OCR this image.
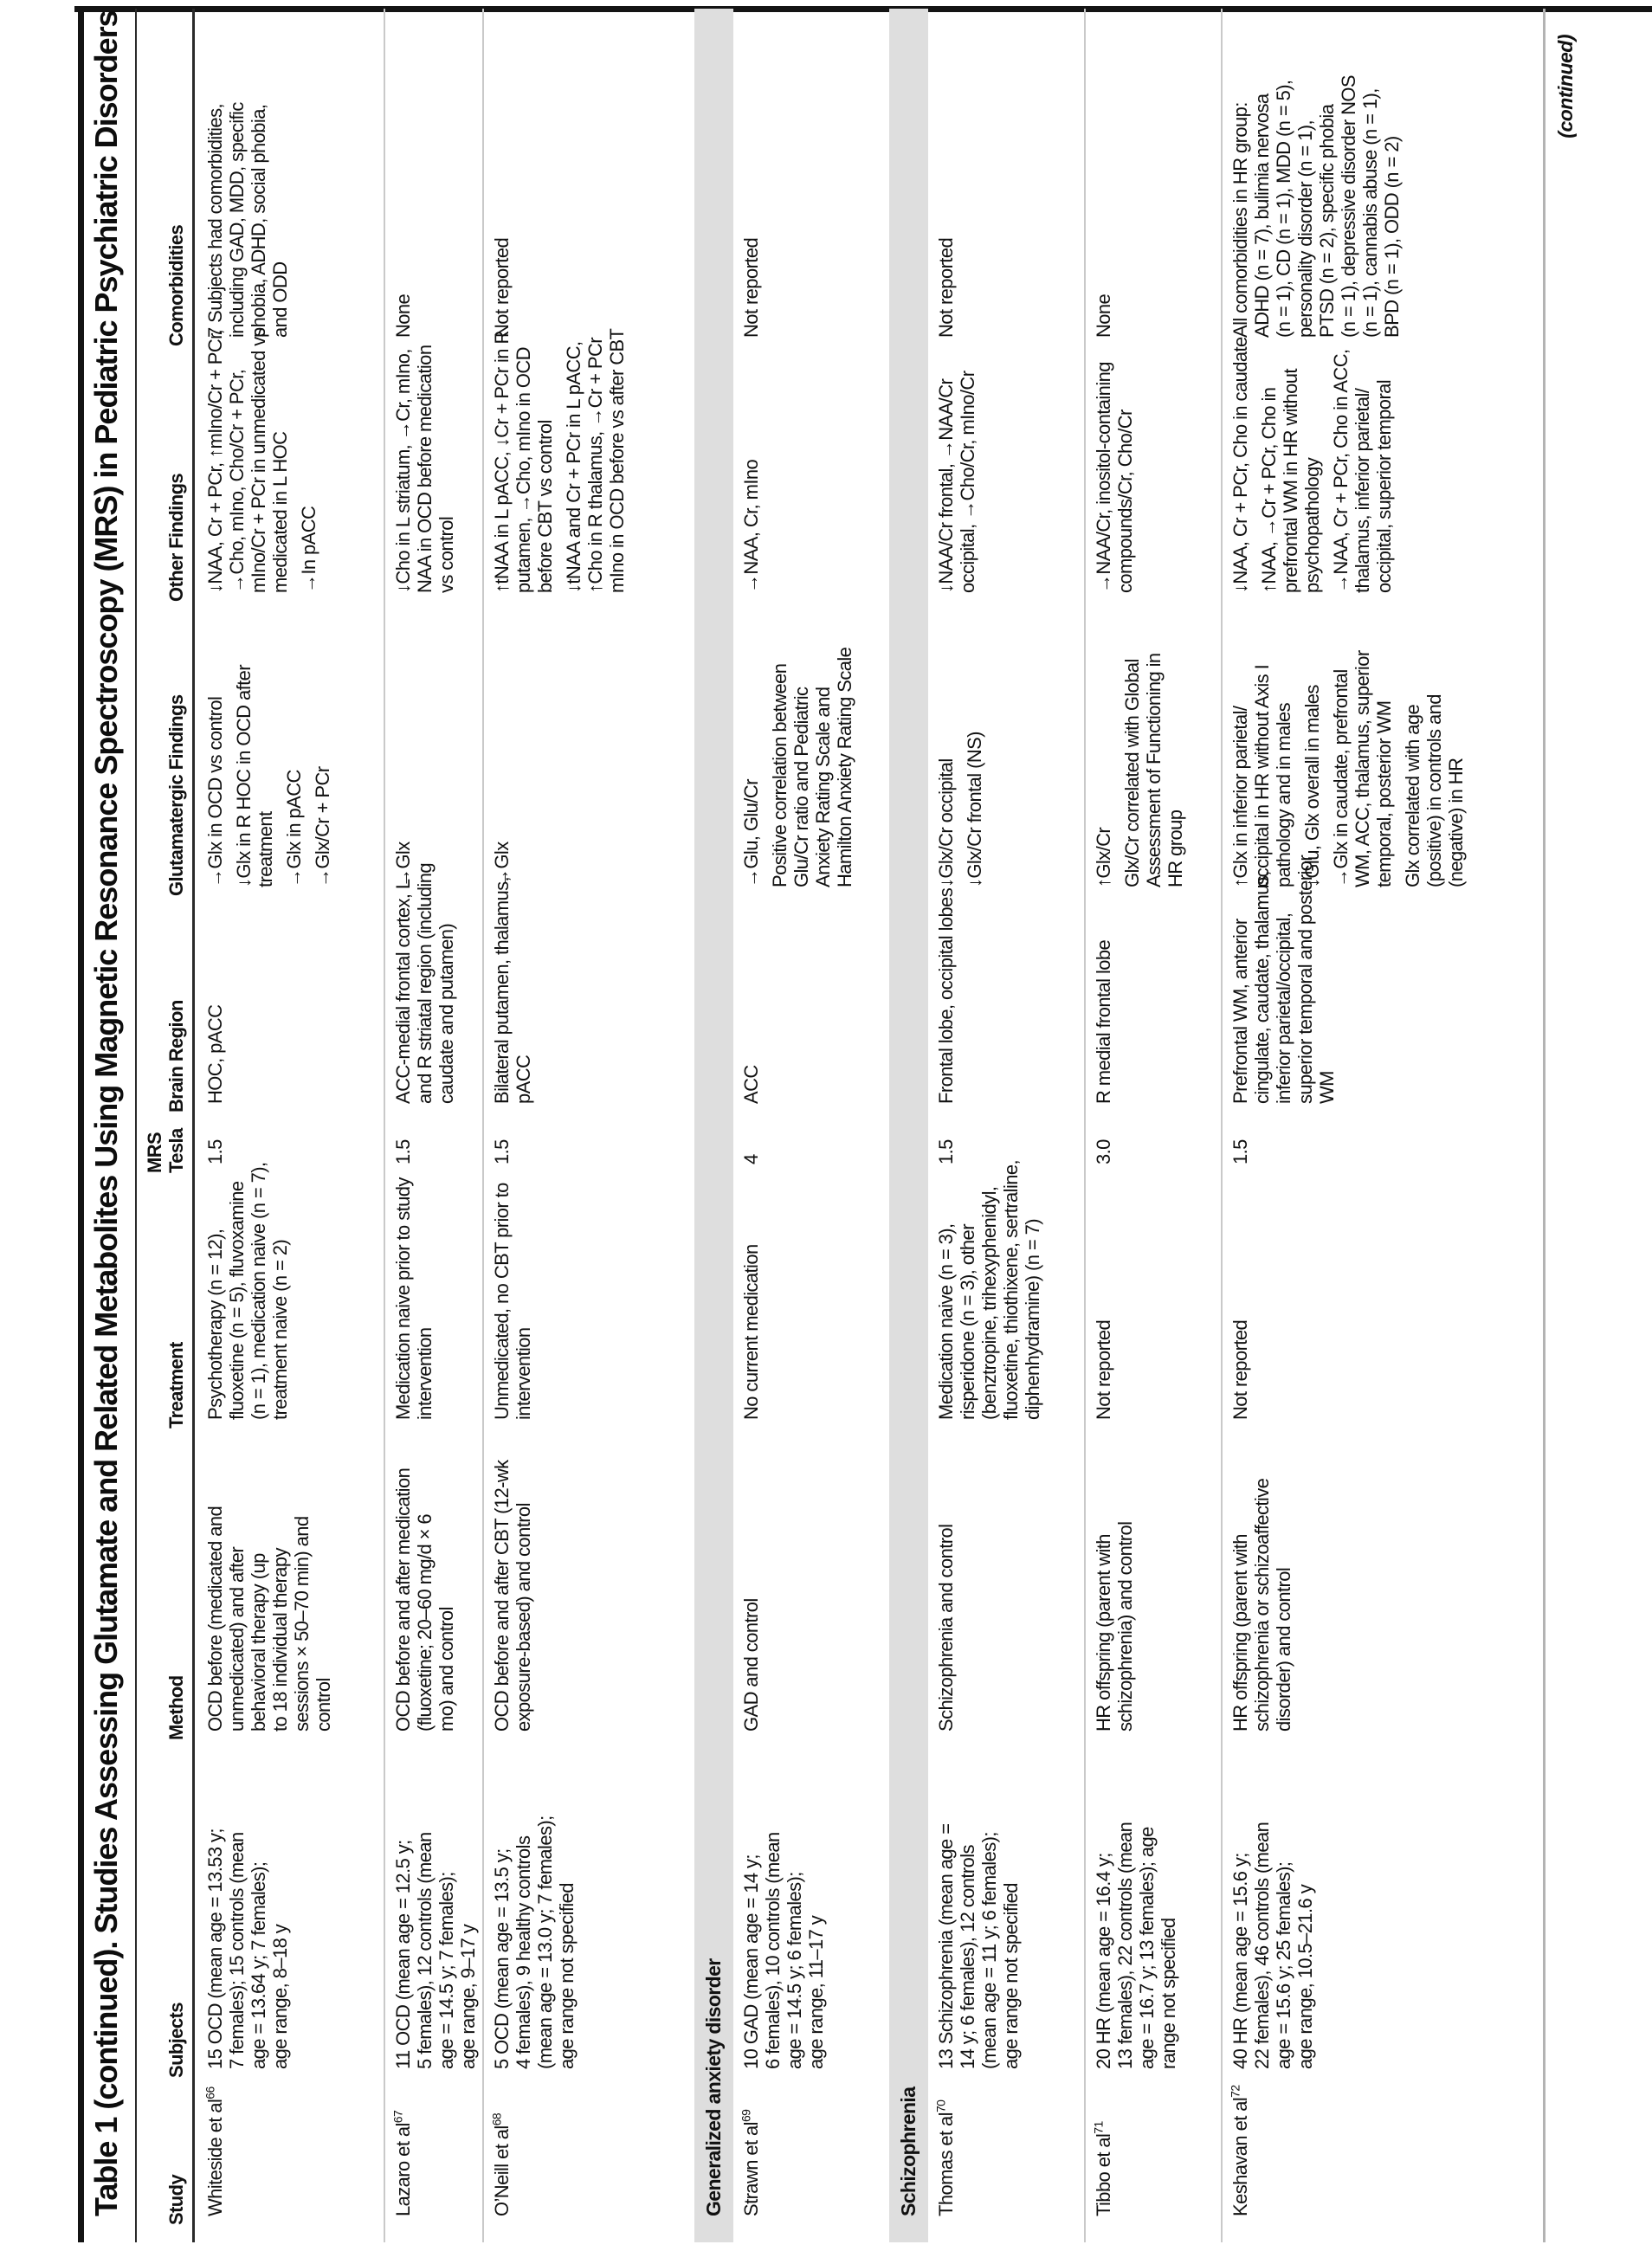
Table 1 (continued). Studies Assessing Glutamate and Related Metabolites Using Magnetic Resonance Spectroscopy (MRS) in Pediatric Psychiatric Disorders Study
Subjects
Method
Treatment
MRS Tesla
Brain Region
Glutamatergic Findings
Other Findings
Comorbidities
Whiteside et $al^{66}$
15 OCD (mean age = 13.53 y; 7 females); 15 controls (mean age = 13.64 y; 7 females); age range, 8–18 y
OCD before (medicated and unmedicated) and after behavioral therapy (up to 18 individual therapy sessions × 50–70 min) and control
Psychotherapy (n = 12), fluoxetine (n = 5), fluvoxamine (n = 1), medication naive (n = 7), treatment naive (n = 2)
1.5
HOC, pACC
→Glx in OCD vs control ↓Glx in R HOC in OCD after treatment →Glx in pACC →Glx/Cr + PCr
↓NAA, Cr + PCr, ↑mIno/Cr + PCr, →Cho, mIno, Cho/Cr + PCr, mIno/Cr + PCr in unmedicated vs medicated in L HOC →In pACC
7 Subjects had comorbidities, including GAD, MDD, specific phobia, ADHD, social phobia, and ODD
Lazaro et $al^{67}$
11 OCD (mean age = 12.5 y; 5 females), 12 controls (mean age = 14.5 y; 7 females); age range, 9–17 y
OCD before and after medication (fluoxetine; 20–60 mg/d × 6 mo) and control
Medication naive prior to study intervention
1.5
ACC-medial frontal cortex, L and R striatal region (including caudate and putamen)
→Glx
↓Cho in L striatum, →Cr, mIno, NAA in OCD before medication vs control
None
O’Neill et $al^{68}$
5 OCD (mean age = 13.5 y; 4 females), 9 healthy controls (mean age = 13.0 y; 7 females); age range not specified
OCD before and after CBT (12-wk exposure-based) and control
Unmedicated, no CBT prior to intervention
1.5
Bilateral putamen, thalamus, pACC
→Glx
↑tNAA in L pACC, ↓Cr + PCr in R putamen, →Cho, mIno in OCD before CBT vs control ↓tNAA and Cr + PCr in L pACC, ↑Cho in R thalamus, →Cr + PCr mIno in OCD before vs after CBT
Not reported
Generalized anxiety disorder Strawn et $al^{69}$
10 GAD (mean age = 14 y; 6 females), 10 controls (mean age = 14.5 y; 6 females); age range, 11–17 y
GAD and control
No current medication
4
ACC
→Glu, Glu/Cr Positive correlation between Glu/Cr ratio and Pediatric Anxiety Rating Scale and Hamilton Anxiety Rating Scale
→NAA, Cr, mIno
Not reported
Schizophrenia Thomas et $al^{70}$
13 Schizophrenia (mean age = 14 y; 6 females), 12 controls (mean age = 11 y; 6 females); age range not specified
Schizophrenia and control
Medication naive (n = 3), risperidone (n = 3), other (benztropine, trihexyphenidyl, fluoxetine, thiothixene, sertraline, diphenhydramine) (n = 7)
1.5
Frontal lobe, occipital lobes
↓Glx/Cr occipital ↓Glx/Cr frontal (NS)
↓NAA/Cr frontal, →NAA/Cr occipital, →Cho/Cr, mIno/Cr
Not reported
Tibbo et $al^{71}$
20 HR (mean age = 16.4 y; 13 females), 22 controls (mean age = 16.7 y; 13 females); age range not specified
HR offspring (parent with schizophrenia) and control
Not reported
3.0
R medial frontal lobe
↑Glx/Cr Glx/Cr correlated with Global Assessment of Functioning in HR group
→NAA/Cr, inositol-containing compounds/Cr, Cho/Cr
None
Keshavan et $al^{72}$
40 HR (mean age = 15.6 y; 22 females), 46 controls (mean age = 15.6 y; 25 females); age range, 10.5–21.6 y
HR offspring (parent with schizophrenia or schizoaffective disorder) and control
Not reported
1.5
Prefrontal WM, anterior cingulate, caudate, thalamus, inferior parietal/occipital, superior temporal and posterior WM
↑Glx in inferior parietal/ occipital in HR without Axis I pathology and in males ↓Glu, Glx overall in males →Glx in caudate, prefrontal WM, ACC, thalamus, superior temporal, posterior WM Glx correlated with age (positive) in controls and (negative) in HR
↓NAA, Cr + PCr, Cho in caudate ↑NAA, →Cr + PCr, Cho in prefrontal WM in HR without psychopathology →NAA, Cr + PCr, Cho in ACC, thalamus, inferior parietal/ occipital, superior temporal
All comorbidities in HR group: ADHD (n = 7), bulimia nervosa (n = 1), CD (n = 1), MDD (n = 5), personality disorder (n = 1), PTSD (n = 2), specific phobia (n = 1), depressive disorder NOS (n = 1), cannabis abuse (n = 1), BPD (n = 1), ODD (n = 2)
(continued)
